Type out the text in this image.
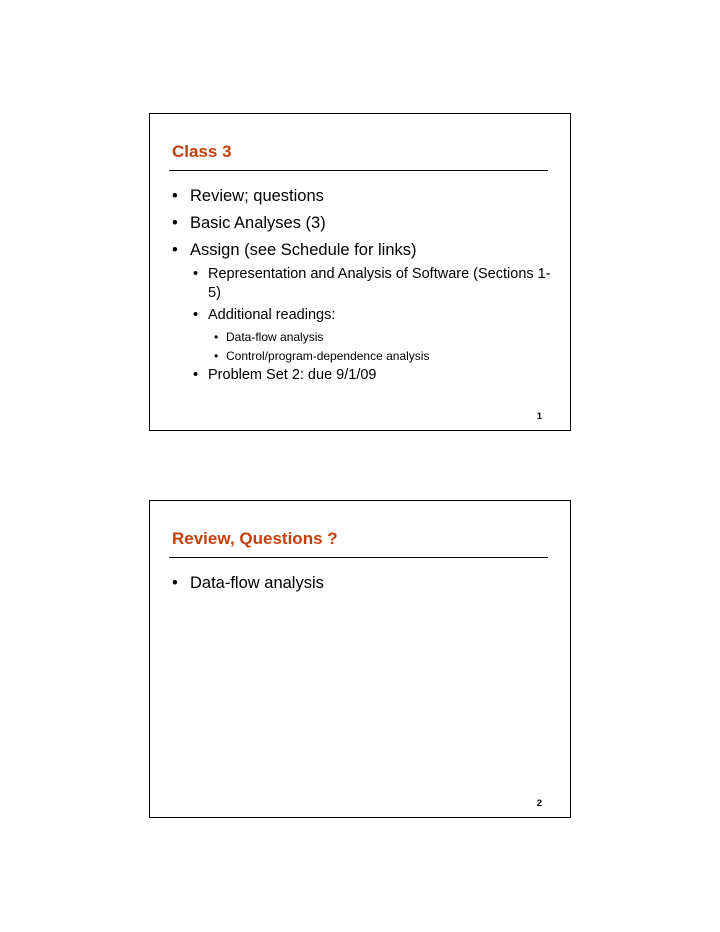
Class 3
• Review; questions
• Basic Analyses (3)
• Assign (see Schedule for links)
• Representation and Analysis of Software (Sections 1-5)
• Additional readings:
• Data-flow analysis
• Control/program-dependence analysis
• Problem Set 2: due 9/1/09
1
Review, Questions ?
• Data-flow analysis
2
